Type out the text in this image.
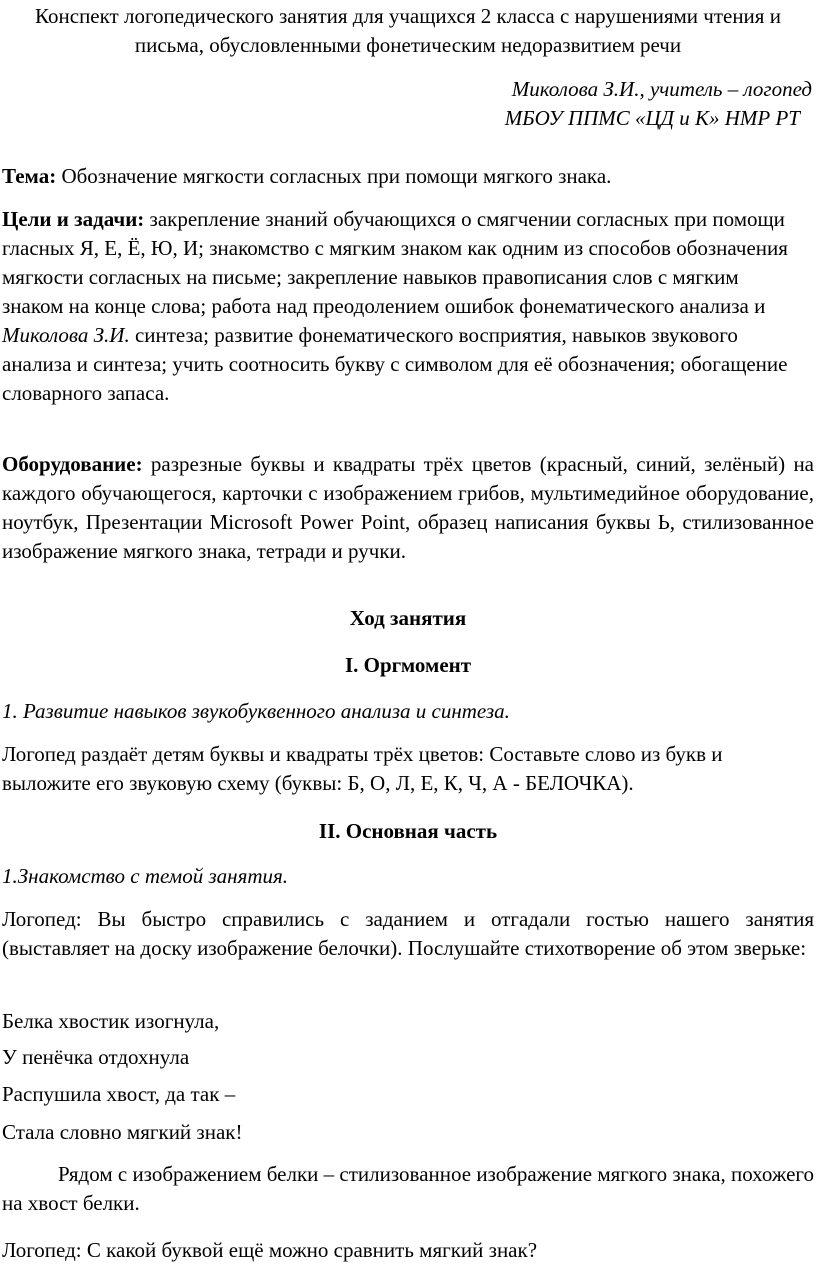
Конспект логопедического занятия для учащихся 2 класса с нарушениями чтения и письма, обусловленными фонетическим недоразвитием речи

Миколова З.И., учитель – логопед

МБОУ ППМС «ЦД и К» НМР РТ

Тема: Обозначение мягкости согласных при помощи мягкого знака.

Цели и задачи: закрепление знаний обучающихся о смягчении согласных при помощи гласных Я, Е, Ё, Ю, И; знакомство с мягким знаком как одним из способов обозначения мягкости согласных на письме; закрепление навыков правописания слов с мягким знаком на конце слова; работа над преодолением ошибок фонематического анализа и Миколова З.И. синтеза; развитие фонематического восприятия, навыков звукового анализа и синтеза; учить соотносить букву с символом для её обозначения; обогащение словарного запаса.

Оборудование: разрезные буквы и квадраты трёх цветов (красный, синий, зелёный) на каждого обучающегося, карточки с изображением грибов, мультимедийное оборудование, ноутбук, Презентации Microsoft Power Point, образец написания буквы Ь, стилизованное изображение мягкого знака, тетради и ручки.

Ход занятия

I. Оргмомент

1. Развитие навыков звукобуквенного анализа и синтеза.

Логопед раздаёт детям буквы и квадраты трёх цветов: Составьте слово из букв и выложите его звуковую схему (буквы: Б, О, Л, Е, К, Ч, А - БЕЛОЧКА).

II. Основная часть

1.Знакомство с темой занятия.

Логопед: Вы быстро справились с заданием и отгадали гостью нашего занятия (выставляет на доску изображение белочки). Послушайте стихотворение об этом зверьке:

Белка хвостик изогнула,

У пенёчка отдохнула

Распушила хвост, да так –

Стала словно мягкий знак!

Рядом с изображением белки – стилизованное изображение мягкого знака, похожего на хвост белки.

Логопед: С какой буквой ещё можно сравнить мягкий знак?
